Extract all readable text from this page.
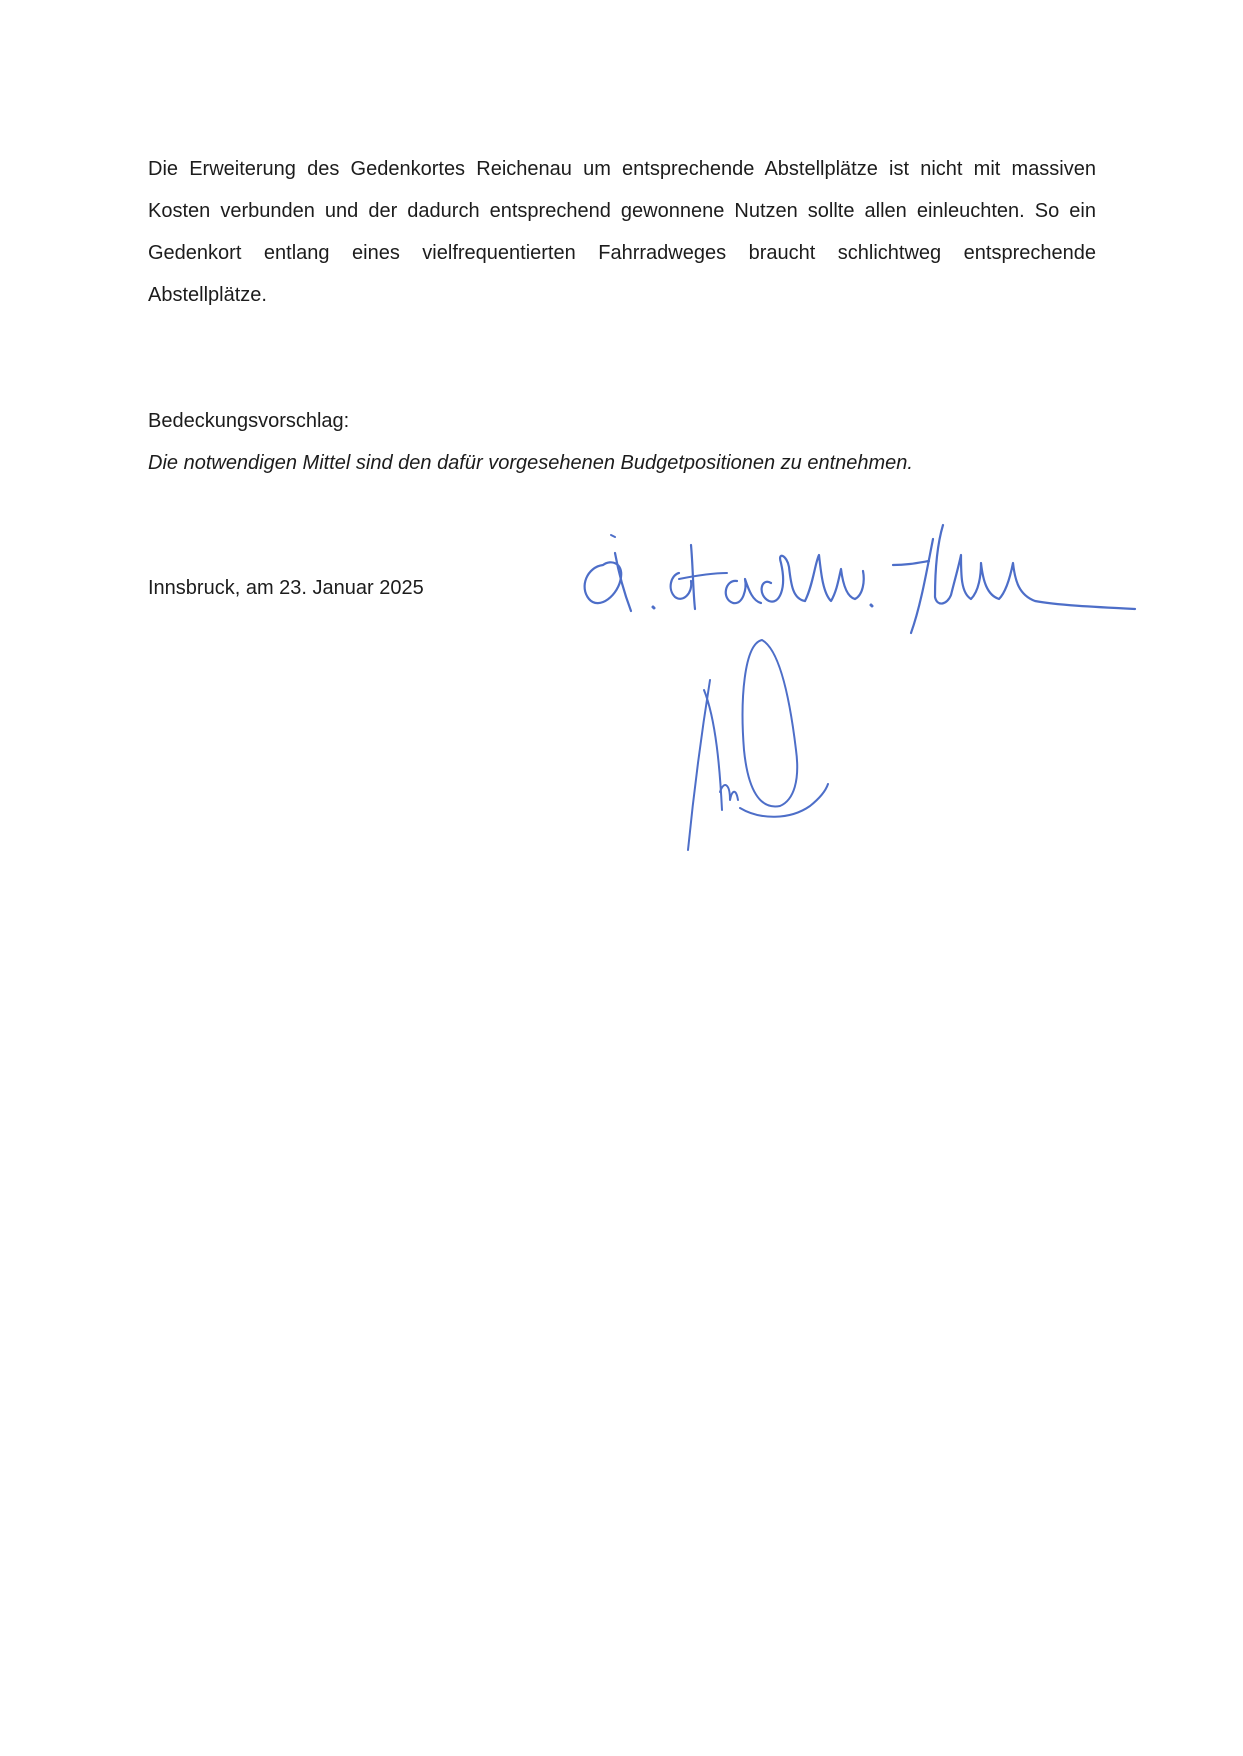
Die Erweiterung des Gedenkortes Reichenau um entsprechende Abstellplätze ist nicht mit massiven Kosten verbunden und der dadurch entsprechend gewonnene Nutzen sollte allen einleuchten. So ein Gedenkort entlang eines vielfrequentierten Fahrradweges braucht schlichtweg entsprechende Abstellplätze.

Bedeckungsvorschlag:

Die notwendigen Mittel sind den dafür vorgesehenen Budgetpositionen zu entnehmen.

Innsbruck, am 23. Januar 2025
